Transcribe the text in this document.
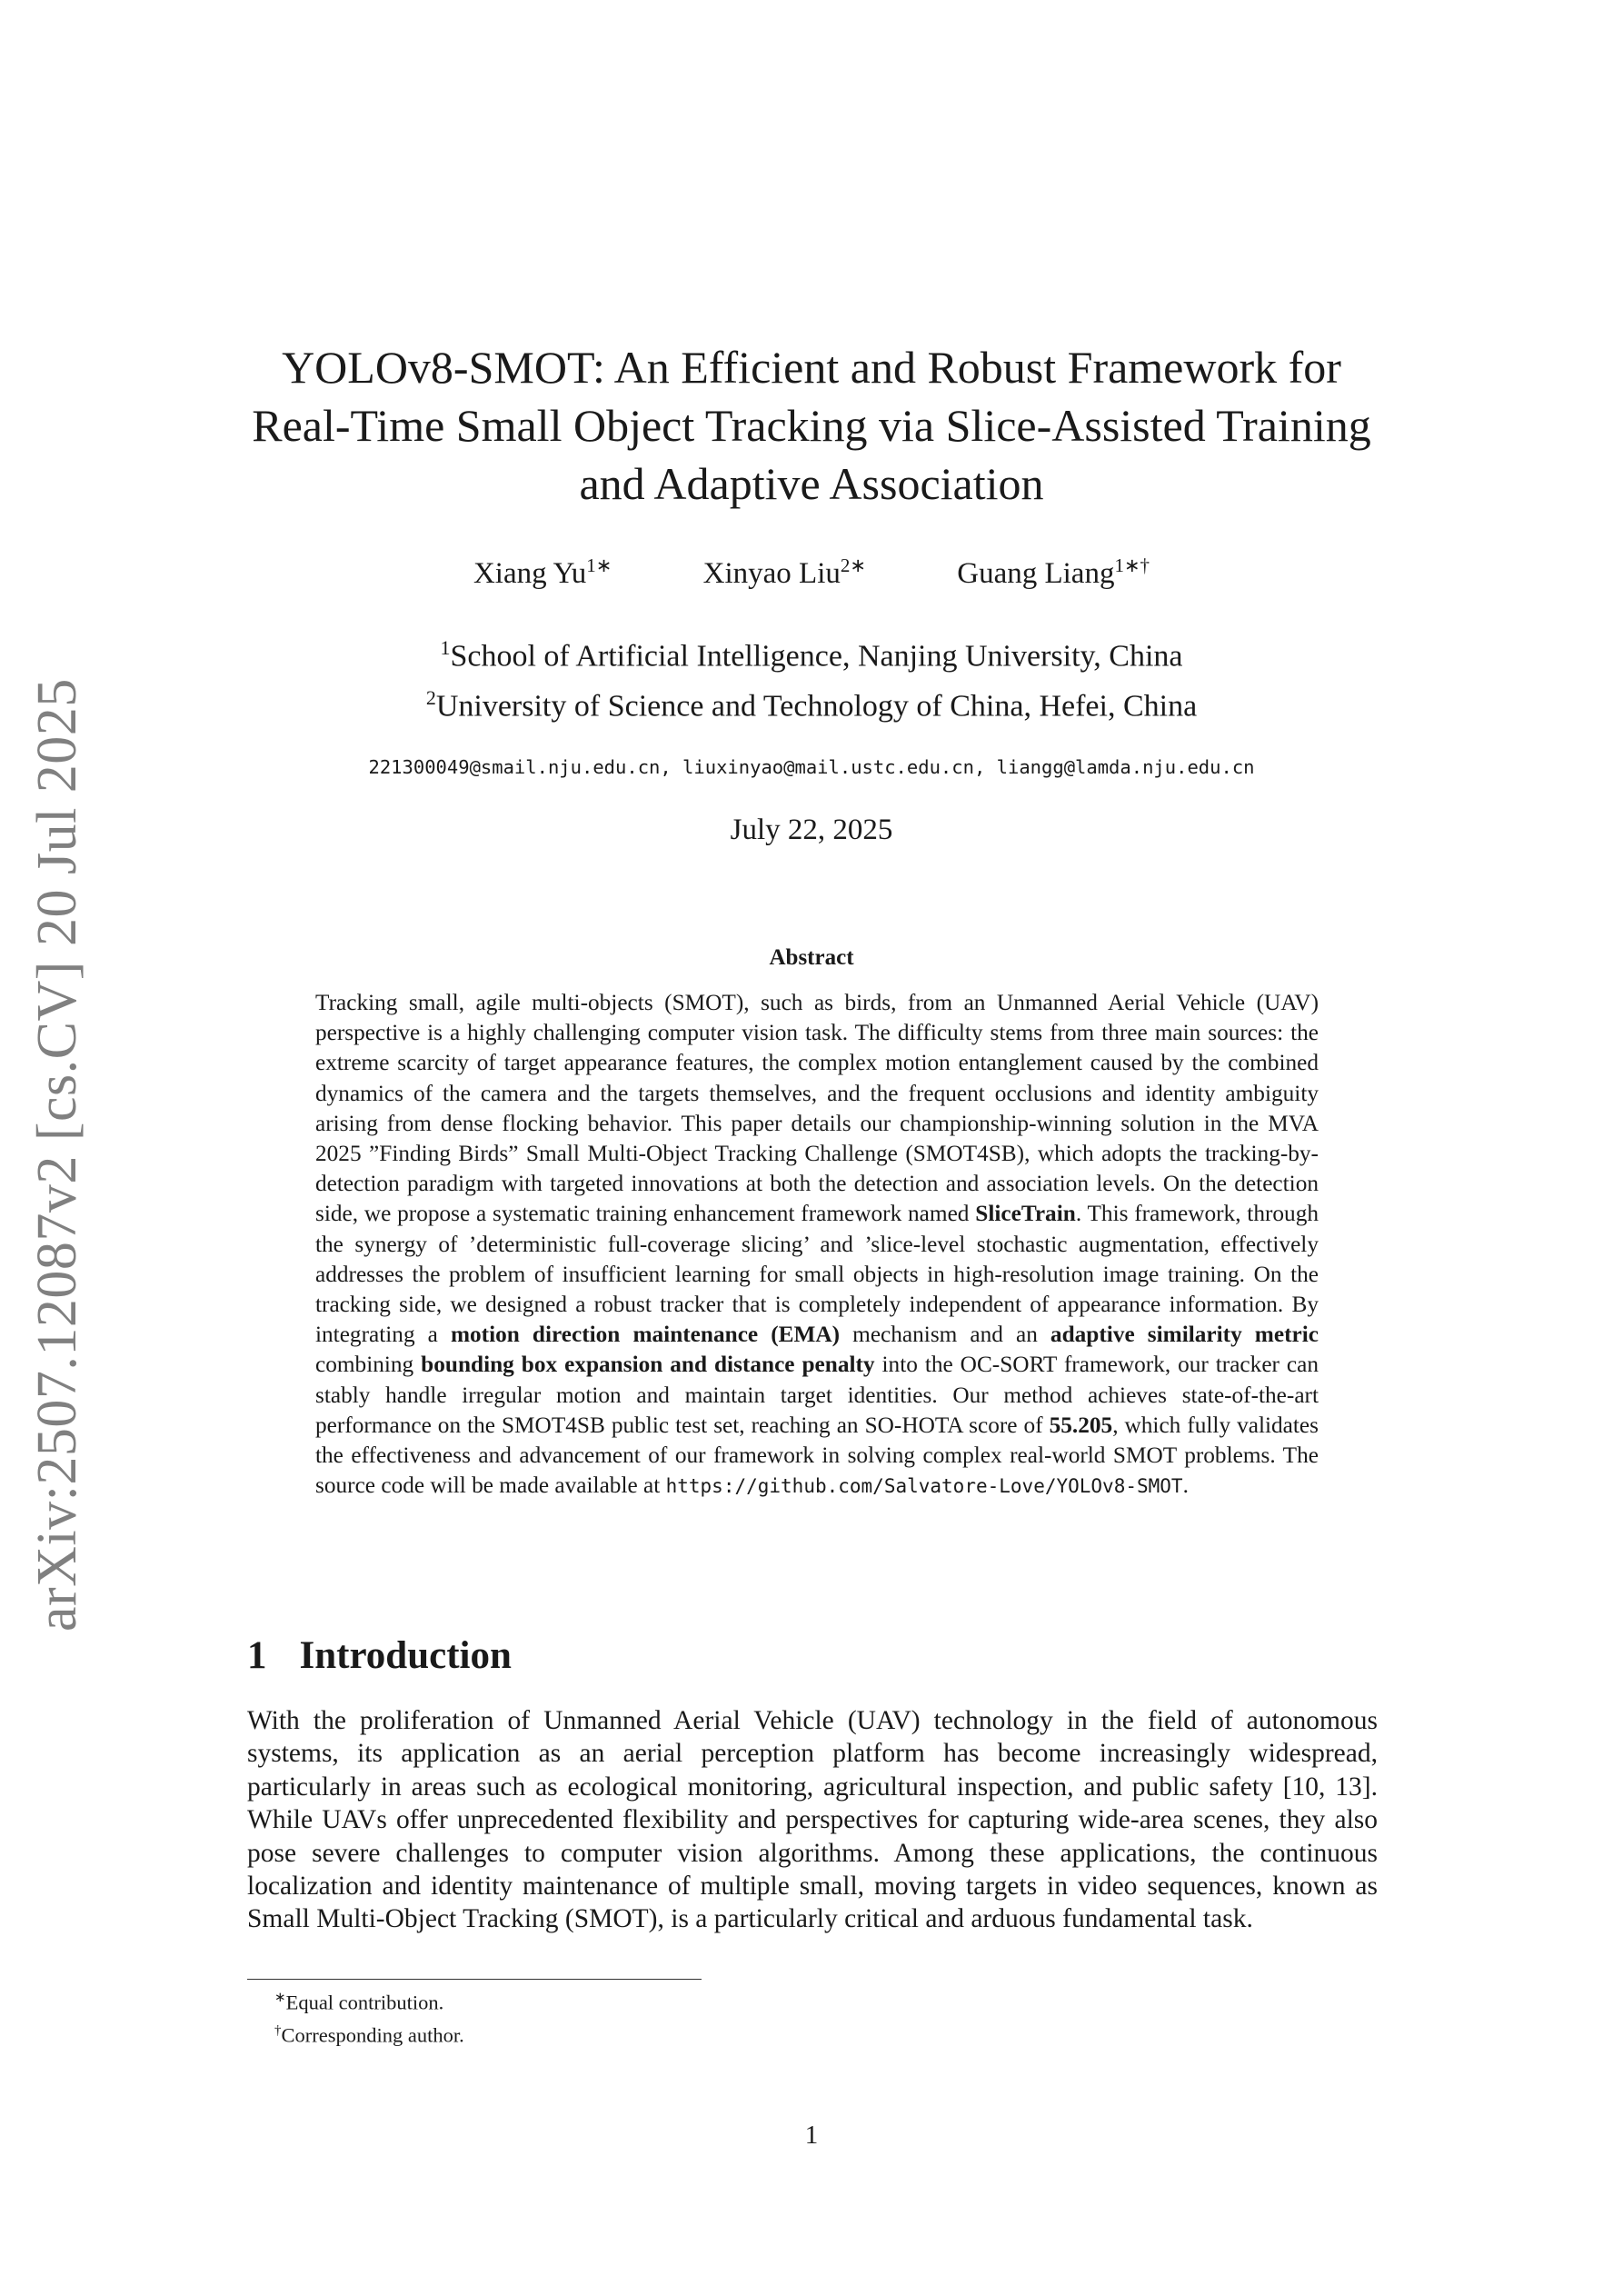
arXiv:2507.12087v2 [cs.CV] 20 Jul 2025
YOLOv8-SMOT: An Efficient and Robust Framework for Real-Time Small Object Tracking via Slice-Assisted Training and Adaptive Association
Xiang $Yu^{1∗}$	Xinyao Liu$^{2∗}$	Guang Liang$^{1∗\dagger}$
$^1$School of Artificial Intelligence, Nanjing University, China
$^2$University of Science and Technology of China, Hefei, China
221300049@smail.nju.edu.cn, liuxinyao@mail.ustc.edu.cn, liangg@lamda.nju.edu.cn
July 22, 2025
Abstract

Tracking small, agile multi-objects (SMOT), such as birds, from an Unmanned Aerial Vehicle (UAV) perspective is a highly challenging computer vision task. The difficulty stems from three main sources: the extreme scarcity of target appearance features, the complex motion entanglement caused by the combined dynamics of the camera and the targets themselves, and the frequent occlusions and identity ambiguity arising from dense flocking behavior. This paper details our championship-winning solution in the MVA 2025 ”Finding Birds” Small Multi-Object Tracking Challenge (SMOT4SB), which adopts the tracking-by-detection paradigm with targeted innovations at both the detection and association levels. On the detection side, we propose a systematic training enhancement framework named SliceTrain. This framework, through the synergy of ’deterministic full-coverage slicing’ and ’slice-level stochastic augmentation, effectively addresses the problem of insufficient learning for small objects in high-resolution image training. On the tracking side, we designed a robust tracker that is completely independent of appearance information. By integrating a motion direction maintenance (EMA) mechanism and an adaptive similarity metric combining bounding box expansion and distance penalty into the OC-SORT framework, our tracker can stably handle irregular motion and maintain target identities. Our method achieves state-of-the-art performance on the SMOT4SB public test set, reaching an SO-HOTA score of 55.205, which fully validates the effectiveness and advancement of our framework in solving complex real-world SMOT problems. The source code will be made available at https://github.com/Salvatore-Love/YOLOv8-SMOT.

1 Introduction

With the proliferation of Unmanned Aerial Vehicle (UAV) technology in the field of autonomous systems, its application as an aerial perception platform has become increasingly widespread, particularly in areas such as ecological monitoring, agricultural inspection, and public safety [10, 13]. While UAVs offer unprecedented flexibility and perspectives for capturing wide-area scenes, they also pose severe challenges to computer vision algorithms. Among these applications, the continuous localization and identity maintenance of multiple small, moving targets in video sequences, known as Small Multi-Object Tracking (SMOT), is a particularly critical and arduous fundamental task.

∗Equal contribution.
†Corresponding author.
1
